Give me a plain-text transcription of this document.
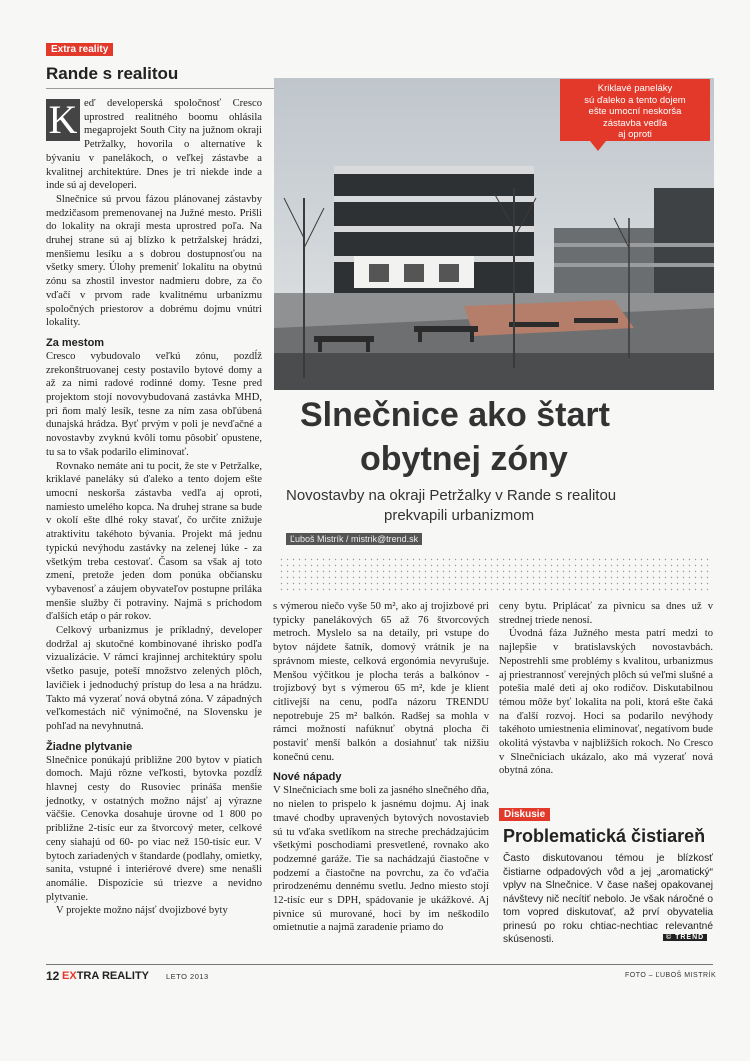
Extra reality
Rande s realitou
K eď developerská spoločnosť Cresco uprostred realitného boomu ohlásila megaprojekt South City na južnom okraji Petržalky, hovorila o alternatíve k bývaniu v panelákoch, o veľkej zástavbe a kvalitnej architektúre. Dnes je tri niekde inde a inde sú aj developeri.

Slnečnice sú prvou fázou plánovanej zástavby medzičasom premenovanej na Južné mesto. Prišli do lokality na okraji mesta uprostred poľa. Na druhej strane sú aj blízko k petržalskej hrádzi, menšiemu lesíku a s dobrou dostupnosťou na všetky smery. Úlohy premeniť lokalitu na obytnú zónu sa zhostil investor nadmieru dobre, za čo vďačí v prvom rade kvalitnému urbanizmu spoločných priestorov a dobrému dojmu vnútri lokality.

Za mestom

Cresco vybudovalo veľkú zónu, pozdĺž zrekonštruovanej cesty postavilo bytové domy a až za nimi radové rodinné domy. Tesne pred projektom stojí novovybudovaná zastávka MHD, pri ňom malý lesík, tesne za ním zasa obľúbená dunajská hrádza. Byť prvým v poli je nevďačné a novostavby zvyknú kvôli tomu pôsobiť opustene, tu sa to však podarilo eliminovať.

Rovnako nemáte ani tu pocit, že ste v Petržalke, kriklavé paneláky sú ďaleko a tento dojem ešte umocní neskorša zástavba vedľa aj oproti, namiesto umelého kopca. Na druhej strane sa bude v okolí ešte dlhé roky stavať, čo určite znižuje atraktivitu takéhoto bývania. Projekt má jednu typickú nevýhodu zastávky na zelenej lúke - za všetkým treba cestovať. Časom sa však aj toto zmení, pretože jeden dom ponúka občiansku vybavenosť a záujem obyvateľov postupne priláka menšie služby či potraviny. Najmä s príchodom ďalších etáp o pár rokov.

Celkový urbanizmus je príkladný, developer dodržal aj skutočné kombinované ihrisko podľa vizualizácie. V rámci krajinnej architektúry spolu všetko pasuje, poteší množstvo zelených plôch, lavičiek i jednoduchý prístup do lesa a na hrádzu. Takto má vyzerať nová obytná zóna. V západných veľkomestách nič výnimočné, na Slovensku je pohľad na nevyhnutná.

Žiadne plytvanie

Slnečnice ponúkajú približne 200 bytov v piatich domoch. Majú rôzne veľkosti, bytovka pozdĺž hlavnej cesty do Rusoviec prináša menšie jednotky, v ostatných možno nájsť aj výrazne väčšie. Cenovka dosahuje úrovne od 1 800 po približne 2-tisíc eur za štvorcový meter, celkové ceny siahajú od 60- po viac než 150-tisíc eur. V bytoch zariadených v štandarde (podlahy, omietky, sanita, vstupné i interiérové dvere) sme nenašli anomálie. Dispozície sú triezve a nevidno plytvanie.

V projekte možno nájsť dvojizbové byty

Kriklavé paneláky
sú ďaleko a tento dojem
ešte umocní neskorša
zástavba vedľa
aj oproti
Slnečnice ako štart
obytnej zóny
Novostavby na okraji Petržalky v Rande s realitou
prekvapili urbanizmom
Ľuboš Mistrík / mistrik@trend.sk

s výmerou niečo vyše 50 m², ako aj trojizbové pri typicky panelákových 65 až 76 štvorcových metroch. Myslelo sa na detaily, pri vstupe do bytov nájdete šatník, domový vrátnik je na správnom mieste, celková ergonómia nevyrušuje. Menšou výčitkou je plocha terás a balkónov - trojizbový byt s výmerou 65 m², kde je klient citlivejší na cenu, podľa názoru TRENDU nepotrebuje 25 m² balkón. Radšej sa mohla v rámci možností nafúknuť obytná plocha či postaviť menší balkón a dosiahnuť tak nižšiu konečnú cenu.

Nové nápady

V Slnečniciach sme boli za jasného slnečného dňa, no nielen to prispelo k jasnému dojmu. Aj inak tmavé chodby upravených bytových novostavieb sú tu vďaka svetlíkom na streche prechádzajúcim všetkými poschodiami presvetlené, rovnako ako podzemné garáže. Tie sa nachádzajú čiastočne v podzemí a čiastočne na povrchu, za čo vďačia prirodzenému dennému svetlu. Jedno miesto stojí 12-tisíc eur s DPH, spádovanie je ukážkové. Aj pivnice sú murované, hoci by im neškodilo omietnutie a najmä zaradenie priamo do

ceny bytu. Priplácať za pivnicu sa dnes už v strednej triede nenosí.

Úvodná fáza Južného mesta patrí medzi to najlepšie v bratislavských novostavbách. Nepostrehli sme problémy s kvalitou, urbanizmus aj priestrannosť verejných plôch sú veľmi slušné a potešia malé deti aj oko rodičov. Diskutabilnou témou môže byť lokalita na poli, ktorá ešte čaká na ďalší rozvoj. Hoci sa podarilo nevýhody takéhoto umiestnenia eliminovať, negatívom bude okolitá výstavba v najbližších rokoch. No Cresco v Slnečniciach ukázalo, ako má vyzerať nová obytná zóna.

Diskusie
Problematická čistiareň
Často diskutovanou témou je blízkosť čistiarne odpadových vôd a jej „aromatický“ vplyv na Slnečnice. V čase našej opakovanej návštevy nič necítiť nebolo. Je však náročné o tom vopred diskutovať, až prví obyvatelia prinesú po roku chtiac-nechtiac relevantné skúsenosti.	© TREND
12 EXTRA REALITY LETO 2013	FOTO – ĽUBOŠ MISTRÍK
